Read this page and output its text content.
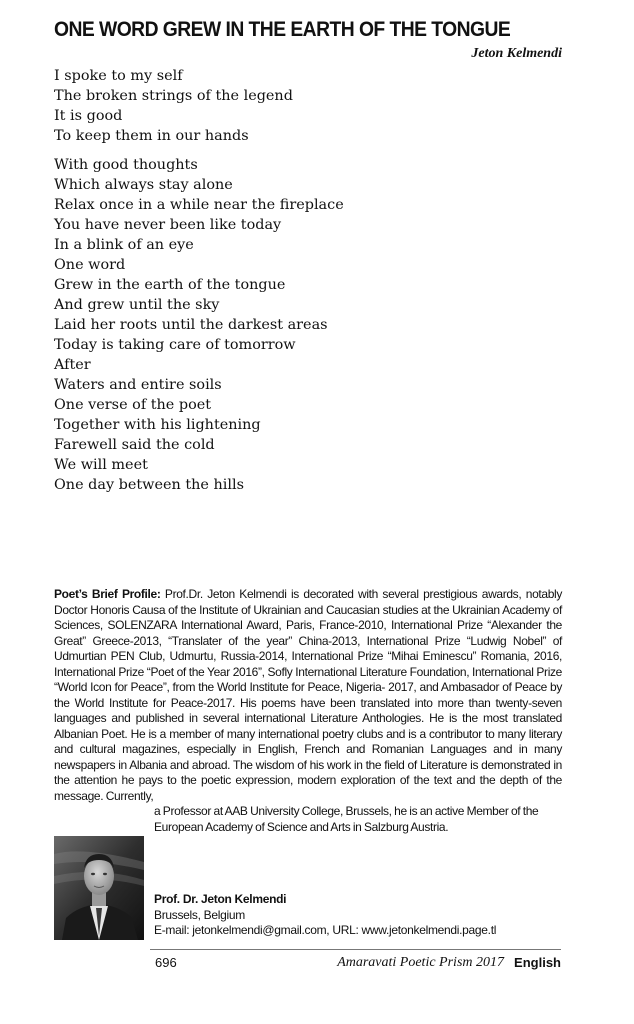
ONE WORD GREW IN THE EARTH OF THE TONGUE
Jeton Kelmendi
I spoke to my self
The broken strings of the legend
It is good
To keep them in our hands
With good thoughts
Which always stay alone
Relax once in a while near the fireplace
You have never been like today
In a blink of an eye
One word
Grew in the earth of the tongue
And grew until the sky
Laid her roots until the darkest areas
Today is taking care of tomorrow
After
Waters and entire soils
One verse of the poet
Together with his lightening
Farewell said the cold
We will meet
One day between the hills
Poet’s Brief Profile: Prof.Dr. Jeton Kelmendi is decorated with several prestigious awards, notably Doctor Honoris Causa of the Institute of Ukrainian and Caucasian studies at the Ukrainian Academy of Sciences, SOLENZARA International Award, Paris, France-2010, International Prize “Alexander the Great” Greece-2013, “Translater of the year” China-2013, International Prize “Ludwig Nobel” of Udmurtian PEN Club, Udmurtu, Russia-2014, International Prize “Mihai Eminescu” Romania, 2016, International Prize “Poet of the Year 2016”, Sofly International Literature Foundation, International Prize “World Icon for Peace”, from the World Institute for Peace, Nigeria- 2017, and Ambasador of Peace by the World Institute for Peace-2017. His poems have been translated into more than twenty-seven languages and published in several international Literature Anthologies. He is the most translated Albanian Poet. He is a member of many international poetry clubs and is a contributor to many literary and cultural magazines, especially in English, French and Romanian Languages and in many newspapers in Albania and abroad. The wisdom of his work in the field of Literature is demonstrated in the attention he pays to the poetic expression, modern exploration of the text and the depth of the message. Currently,
a Professor at AAB University College, Brussels, he is an active Member of the European Academy of Science and Arts in Salzburg Austria.
Prof. Dr. Jeton Kelmendi
Brussels, Belgium
E-mail: jetonkelmendi@gmail.com, URL: www.jetonkelmendi.page.tl
696	Amaravati Poetic Prism 2017 English
